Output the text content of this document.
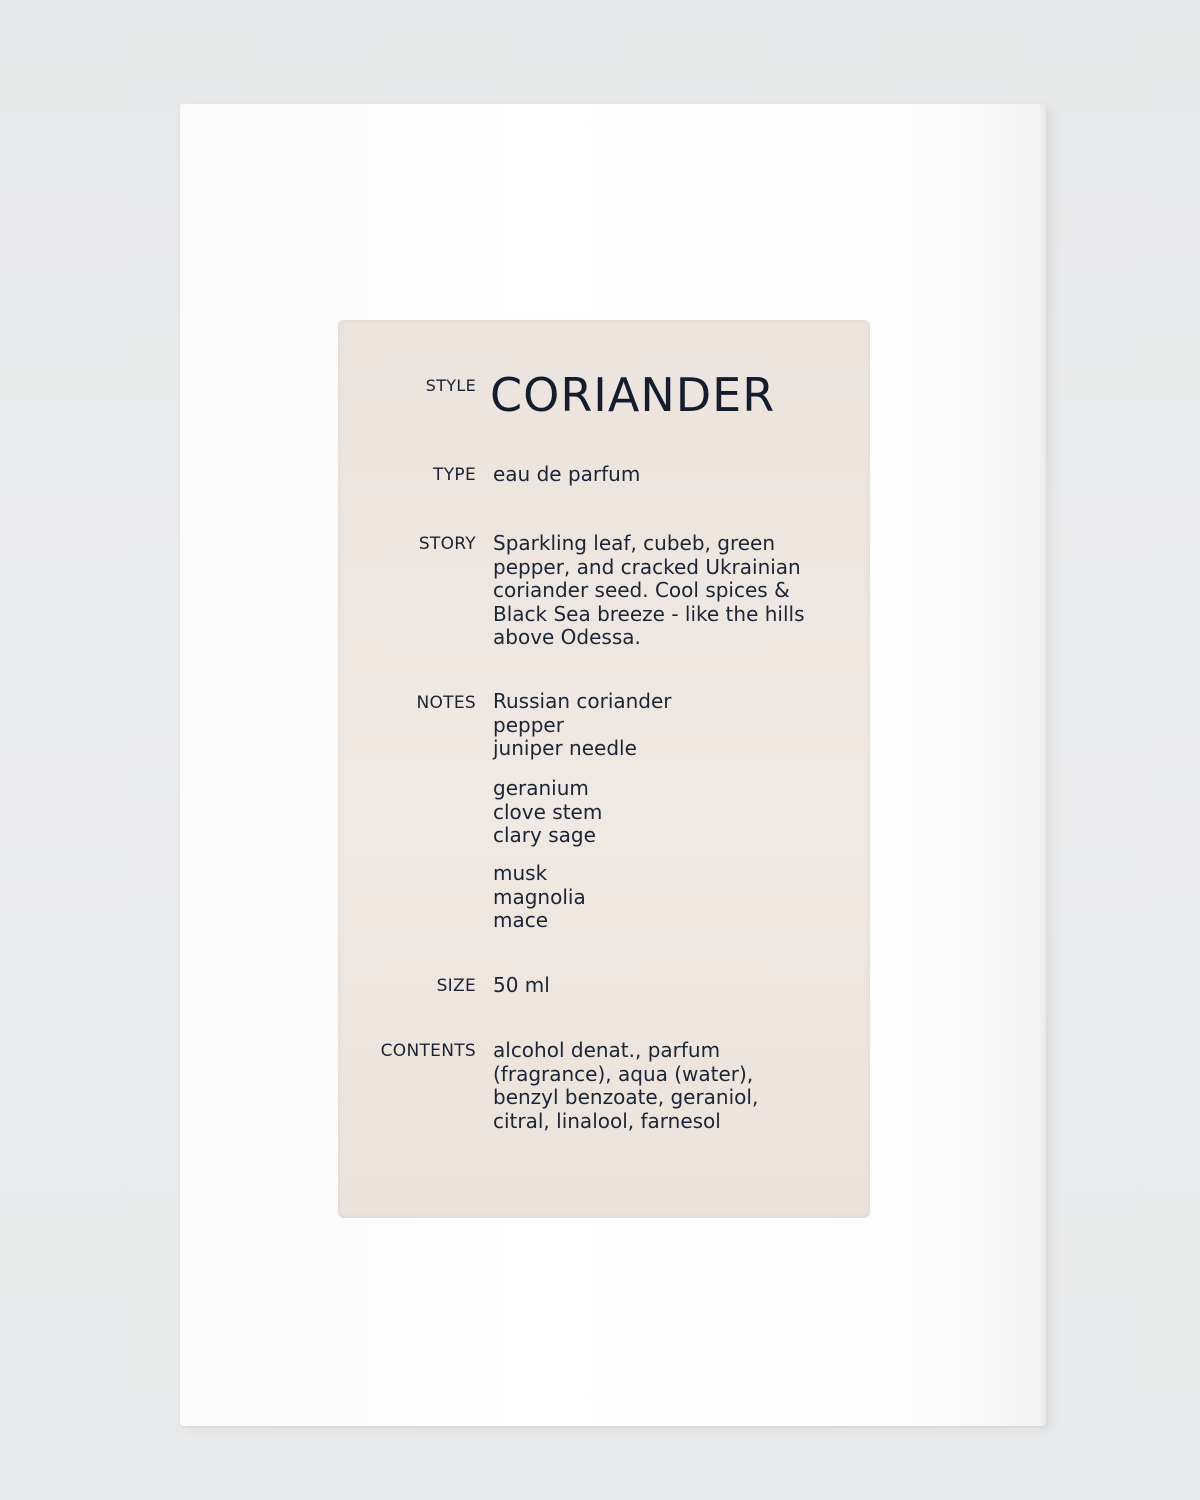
STYLE CORIANDER
TYPE eau de parfum
STORY Sparkling leaf, cubeb, green
pepper, and cracked Ukrainian
coriander seed. Cool spices &
Black Sea breeze - like the hills
above Odessa.
NOTES Russian coriander
pepper
juniper needle
geranium
clove stem
clary sage
musk
magnolia
mace
SIZE 50 ml
CONTENTS alcohol denat., parfum
(fragrance), aqua (water),
benzyl benzoate, geraniol,
citral, linalool, farnesol
